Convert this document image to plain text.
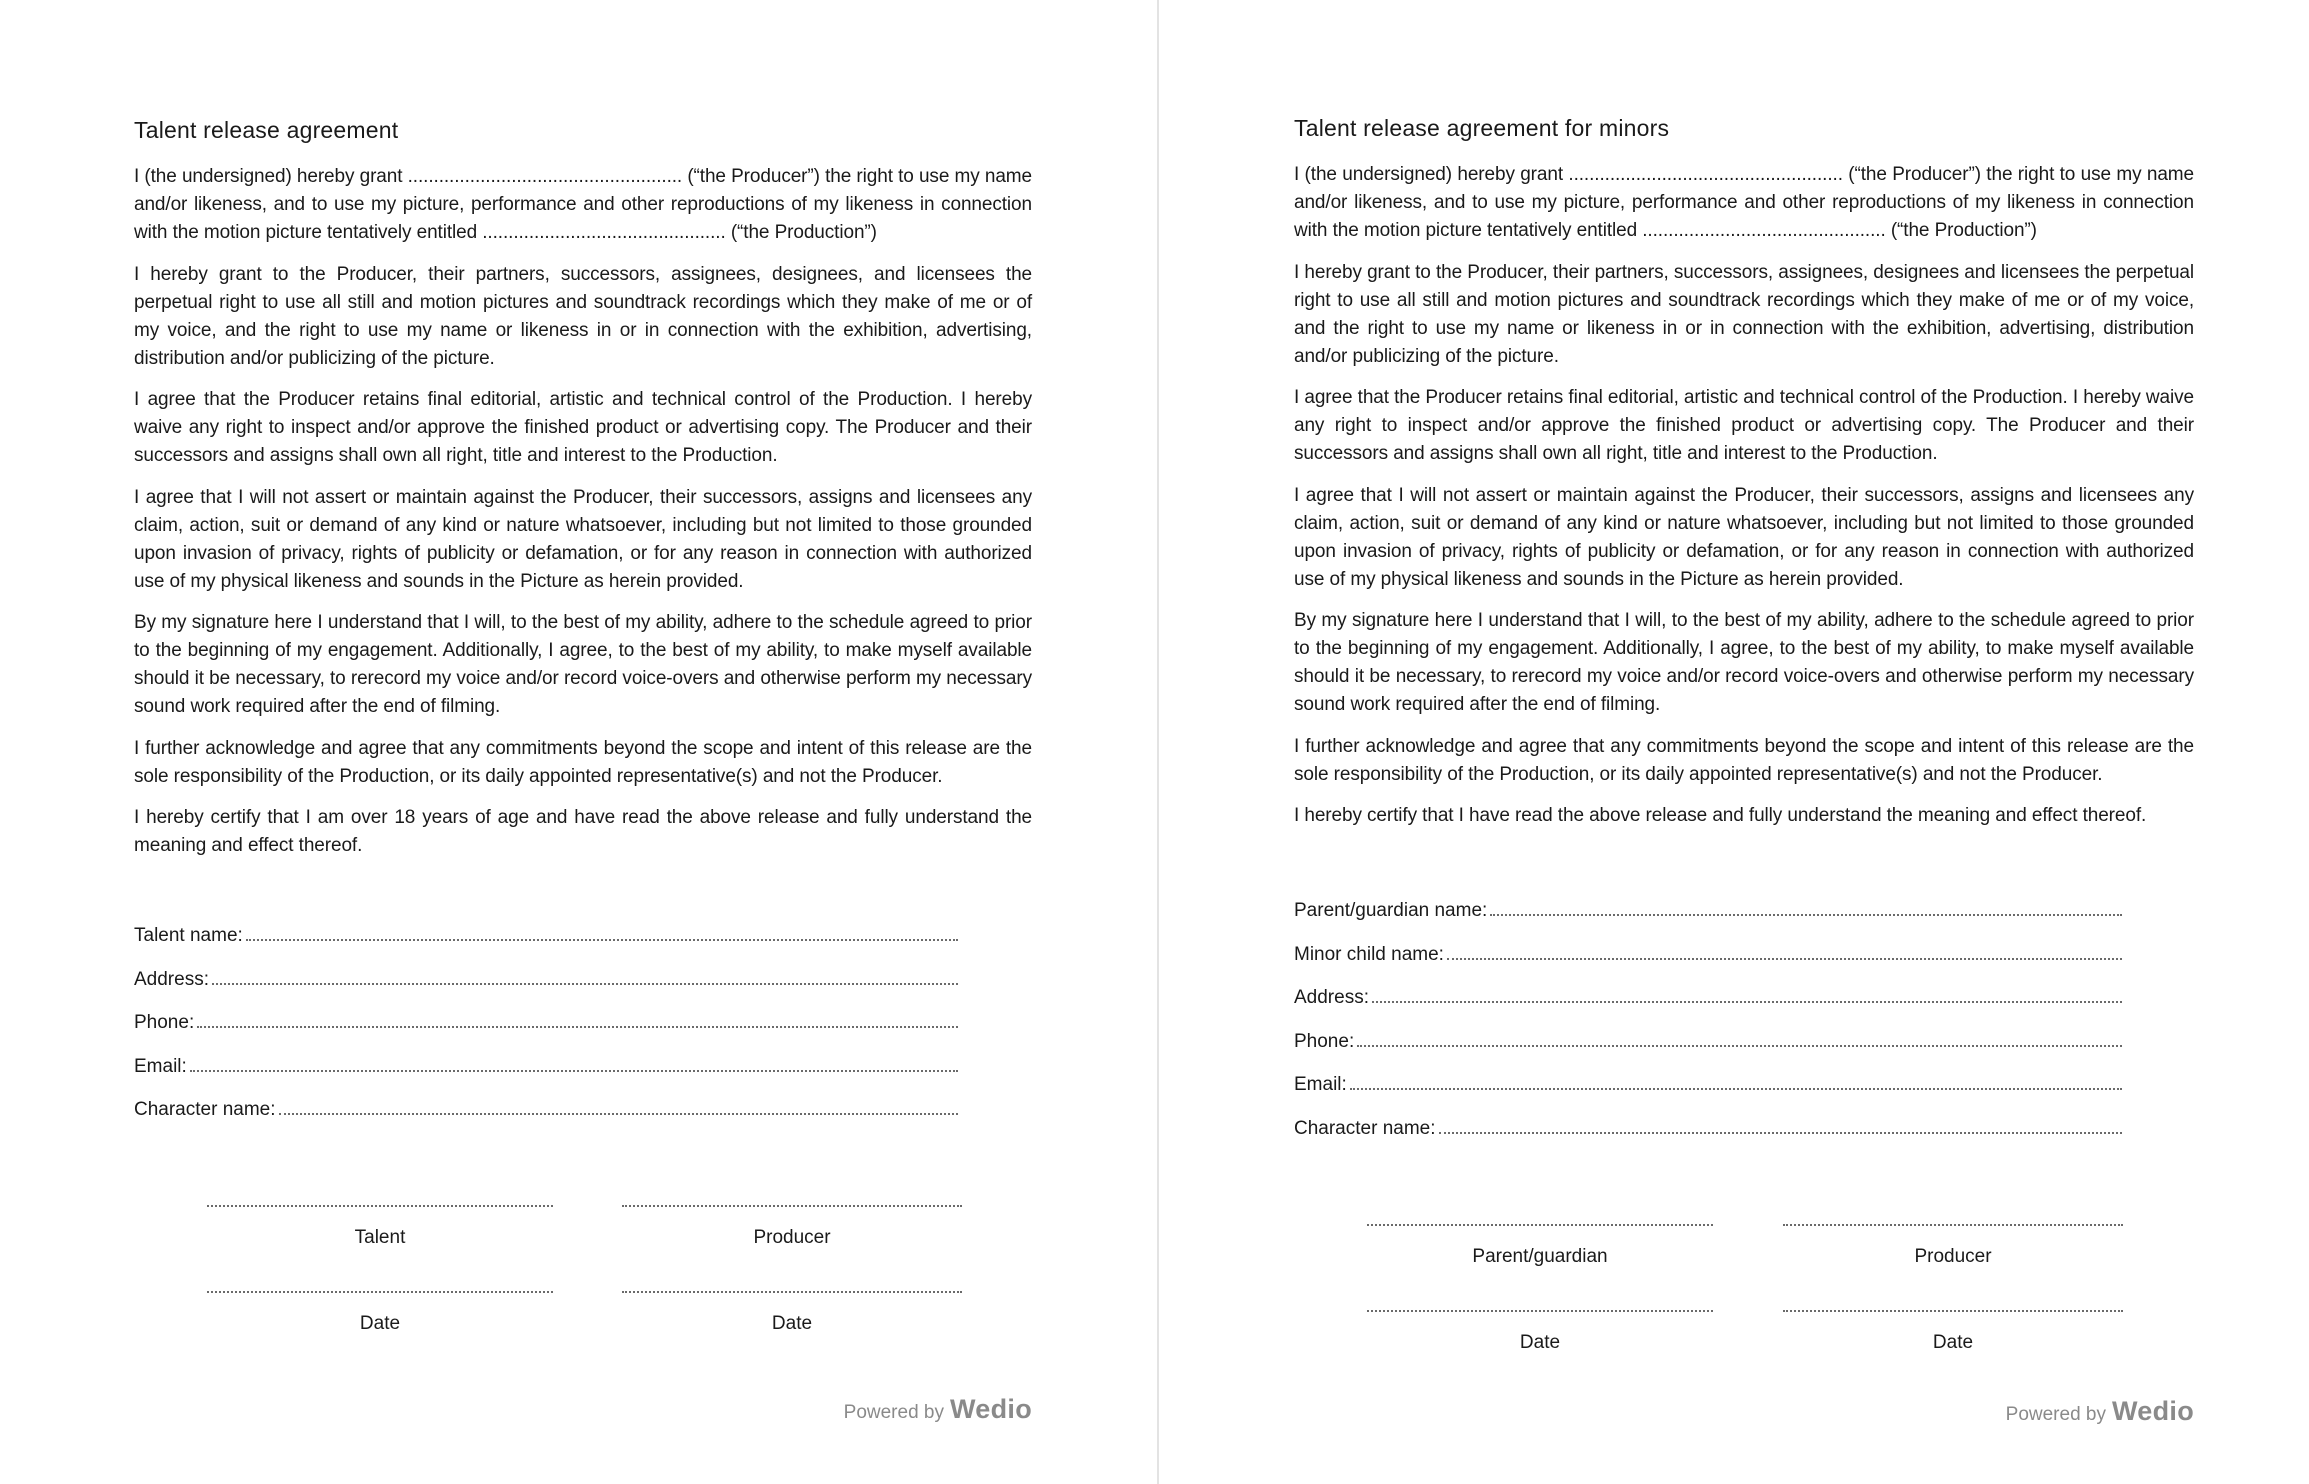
Talent release agreement

I (the undersigned) hereby grant ..................................................... (“the Producer”) the right to use my name and/or likeness, and to use my picture, performance and other reproductions of my likeness in connection with the motion picture tentatively entitled ............................................... (“the Production”)

I hereby grant to the Producer, their partners, successors, assignees, designees, and licensees the perpetual right to use all still and motion pictures and soundtrack recordings which they make of me or of my voice, and the right to use my name or likeness in or in connection with the exhibition, advertising, distribution and/or publicizing of the picture.

I agree that the Producer retains final editorial, artistic and technical control of the Production. I hereby waive any right to inspect and/or approve the finished product or advertising copy. The Producer and their successors and assigns shall own all right, title and interest to the Production.

I agree that I will not assert or maintain against the Producer, their successors, assigns and licensees any claim, action, suit or demand of any kind or nature whatsoever, including but not limited to those grounded upon invasion of privacy, rights of publicity or defamation, or for any reason in connection with authorized use of my physical likeness and sounds in the Picture as herein provided.

By my signature here I understand that I will, to the best of my ability, adhere to the schedule agreed to prior to the beginning of my engagement. Additionally, I agree, to the best of my ability, to make myself available should it be necessary, to rerecord my voice and/or record voice-overs and otherwise perform my necessary sound work required after the end of filming.

I further acknowledge and agree that any commitments beyond the scope and intent of this release are the sole responsibility of the Production, or its daily appointed representative(s) and not the Producer.

I hereby certify that I am over 18 years of age and have read the above release and fully understand the meaning and effect thereof.

Talent name:
Address:
Phone:
Email:
Character name:
Talent	Producer
Date	Date
Powered by Wedio
Talent release agreement for minors

I (the undersigned) hereby grant ..................................................... (“the Producer”) the right to use my name and/or likeness, and to use my picture, performance and other reproductions of my likeness in connection with the motion picture tentatively entitled ............................................... (“the Production”)

I hereby grant to the Producer, their partners, successors, assignees, designees and licensees the perpetual right to use all still and motion pictures and soundtrack recordings which they make of me or of my voice, and the right to use my name or likeness in or in connection with the exhibition, advertising, distribution and/or publicizing of the picture.

I agree that the Producer retains final editorial, artistic and technical control of the Production. I hereby waive any right to inspect and/or approve the finished product or advertising copy. The Producer and their successors and assigns shall own all right, title and interest to the Production.

I agree that I will not assert or maintain against the Producer, their successors, assigns and licensees any claim, action, suit or demand of any kind or nature whatsoever, including but not limited to those grounded upon invasion of privacy, rights of publicity or defamation, or for any reason in connection with authorized use of my physical likeness and sounds in the Picture as herein provided.

By my signature here I understand that I will, to the best of my ability, adhere to the schedule agreed to prior to the beginning of my engagement. Additionally, I agree, to the best of my ability, to make myself available should it be necessary, to rerecord my voice and/or record voice-overs and otherwise perform my necessary sound work required after the end of filming.

I further acknowledge and agree that any commitments beyond the scope and intent of this release are the sole responsibility of the Production, or its daily appointed representative(s) and not the Producer.

I hereby certify that I have read the above release and fully understand the meaning and effect thereof.

Parent/guardian name:
Minor child name:
Address:
Phone:
Email:
Character name:
Parent/guardian	Producer
Date	Date
Powered by Wedio
